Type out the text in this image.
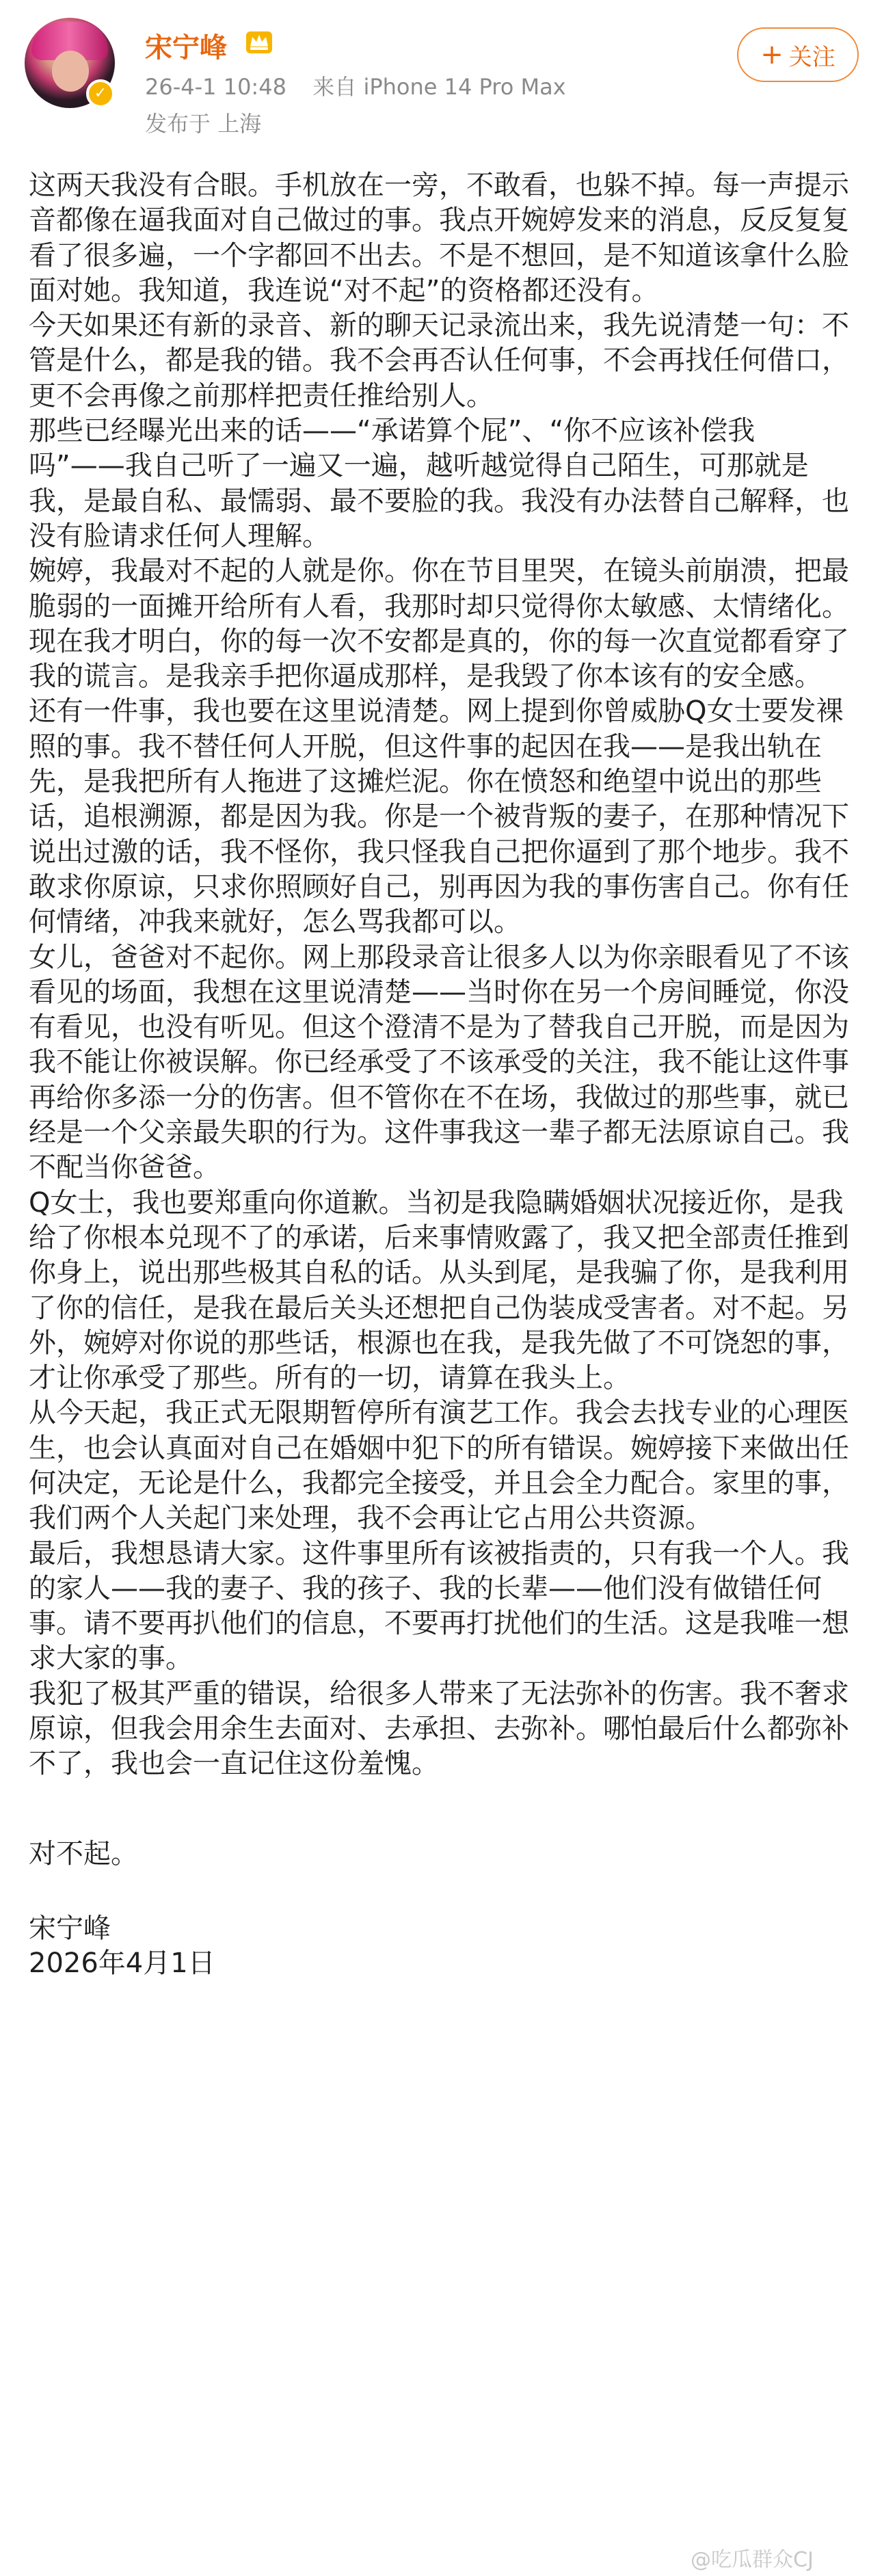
✓
宋宁峰
26-4-1 10:48 来自 iPhone 14 Pro Max
发布于 上海
+ 关注

这两天我没有合眼。手机放在一旁，不敢看，也躲不掉。每一声提示音都像在逼我面对自己做过的事。我点开婉婷发来的消息，反反复复看了很多遍，一个字都回不出去。不是不想回，是不知道该拿什么脸面对她。我知道，我连说“对不起”的资格都还没有。

今天如果还有新的录音、新的聊天记录流出来，我先说清楚一句：不管是什么，都是我的错。我不会再否认任何事，不会再找任何借口，更不会再像之前那样把责任推给别人。

那些已经曝光出来的话——“承诺算个屁”、“你不应该补偿我吗”——我自己听了一遍又一遍，越听越觉得自己陌生，可那就是我，是最自私、最懦弱、最不要脸的我。我没有办法替自己解释，也没有脸请求任何人理解。

婉婷，我最对不起的人就是你。你在节目里哭，在镜头前崩溃，把最脆弱的一面摊开给所有人看，我那时却只觉得你太敏感、太情绪化。现在我才明白，你的每一次不安都是真的，你的每一次直觉都看穿了我的谎言。是我亲手把你逼成那样，是我毁了你本该有的安全感。

还有一件事，我也要在这里说清楚。网上提到你曾威胁Q女士要发裸照的事。我不替任何人开脱，但这件事的起因在我——是我出轨在先，是我把所有人拖进了这摊烂泥。你在愤怒和绝望中说出的那些话，追根溯源，都是因为我。你是一个被背叛的妻子，在那种情况下说出过激的话，我不怪你，我只怪我自己把你逼到了那个地步。我不敢求你原谅，只求你照顾好自己，别再因为我的事伤害自己。你有任何情绪，冲我来就好，怎么骂我都可以。

女儿，爸爸对不起你。网上那段录音让很多人以为你亲眼看见了不该看见的场面，我想在这里说清楚——当时你在另一个房间睡觉，你没有看见，也没有听见。但这个澄清不是为了替我自己开脱，而是因为我不能让你被误解。你已经承受了不该承受的关注，我不能让这件事再给你多添一分的伤害。但不管你在不在场，我做过的那些事，就已经是一个父亲最失职的行为。这件事我这一辈子都无法原谅自己。我不配当你爸爸。

Q女士，我也要郑重向你道歉。当初是我隐瞒婚姻状况接近你，是我给了你根本兑现不了的承诺，后来事情败露了，我又把全部责任推到你身上，说出那些极其自私的话。从头到尾，是我骗了你，是我利用了你的信任，是我在最后关头还想把自己伪装成受害者。对不起。另外，婉婷对你说的那些话，根源也在我，是我先做了不可饶恕的事，才让你承受了那些。所有的一切，请算在我头上。

从今天起，我正式无限期暂停所有演艺工作。我会去找专业的心理医生，也会认真面对自己在婚姻中犯下的所有错误。婉婷接下来做出任何决定，无论是什么，我都完全接受，并且会全力配合。家里的事，我们两个人关起门来处理，我不会再让它占用公共资源。

最后，我想恳请大家。这件事里所有该被指责的，只有我一个人。我的家人——我的妻子、我的孩子、我的长辈——他们没有做错任何事。请不要再扒他们的信息，不要再打扰他们的生活。这是我唯一想求大家的事。

我犯了极其严重的错误，给很多人带来了无法弥补的伤害。我不奢求原谅，但我会用余生去面对、去承担、去弥补。哪怕最后什么都弥补不了，我也会一直记住这份羞愧。

对不起。

宋宁峰

2026年4月1日

@吃瓜群众CJ
